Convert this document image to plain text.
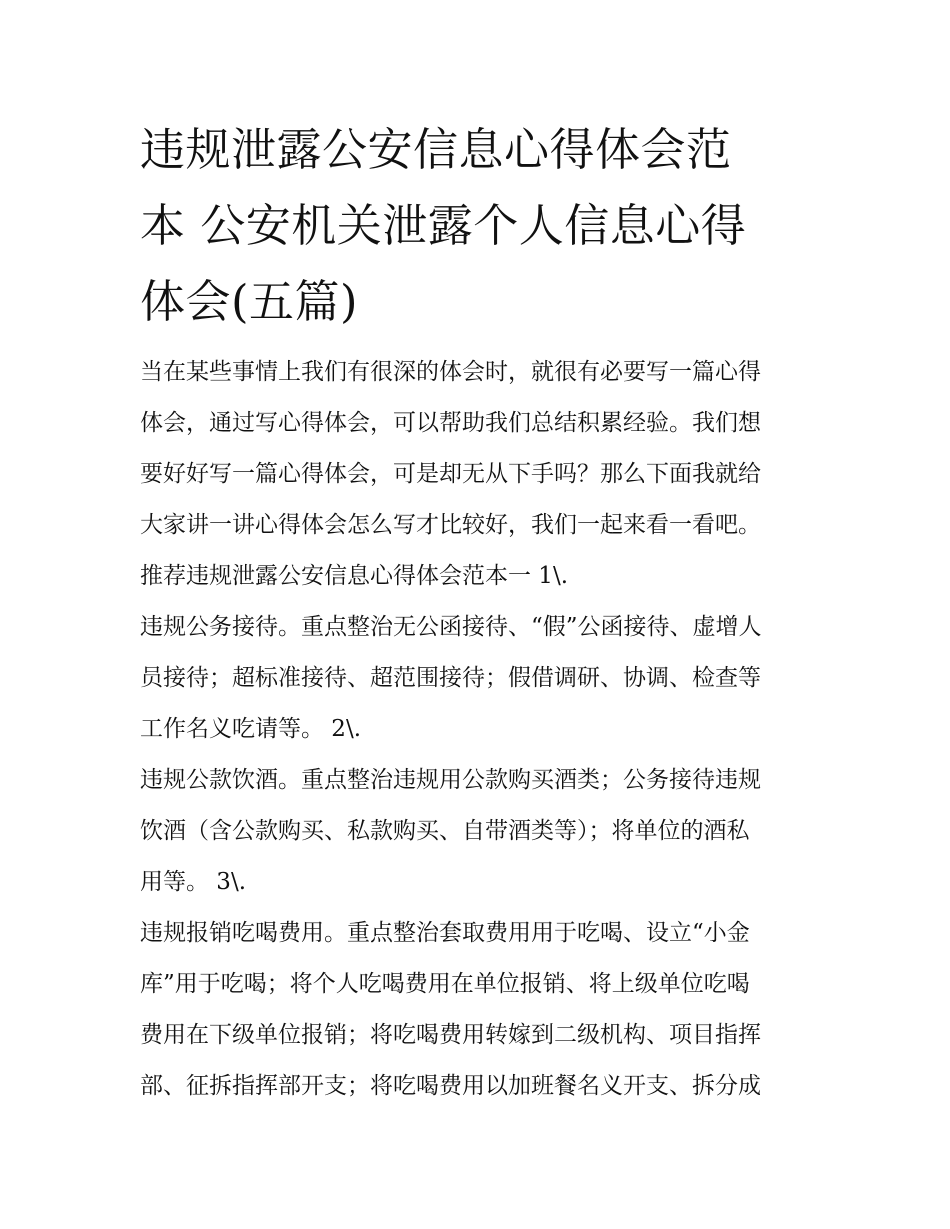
违规泄露公安信息心得体会范
本 公安机关泄露个人信息心得
体会(五篇)
当在某些事情上我们有很深的体会时，就很有必要写一篇心得
体会，通过写心得体会，可以帮助我们总结积累经验。我们想
要好好写一篇心得体会，可是却无从下手吗？那么下面我就给
大家讲一讲心得体会怎么写才比较好，我们一起来看一看吧。
推荐违规泄露公安信息心得体会范本一 1\.
违规公务接待。重点整治无公函接待、“假”公函接待、虚增人
员接待；超标准接待、超范围接待；假借调研、协调、检查等
工作名义吃请等。 2\.
违规公款饮酒。重点整治违规用公款购买酒类；公务接待违规
饮酒（含公款购买、私款购买、自带酒类等）；将单位的酒私
用等。 3\.
违规报销吃喝费用。重点整治套取费用用于吃喝、设立“小金
库”用于吃喝；将个人吃喝费用在单位报销、将上级单位吃喝
费用在下级单位报销；将吃喝费用转嫁到二级机构、项目指挥
部、征拆指挥部开支；将吃喝费用以加班餐名义开支、拆分成
